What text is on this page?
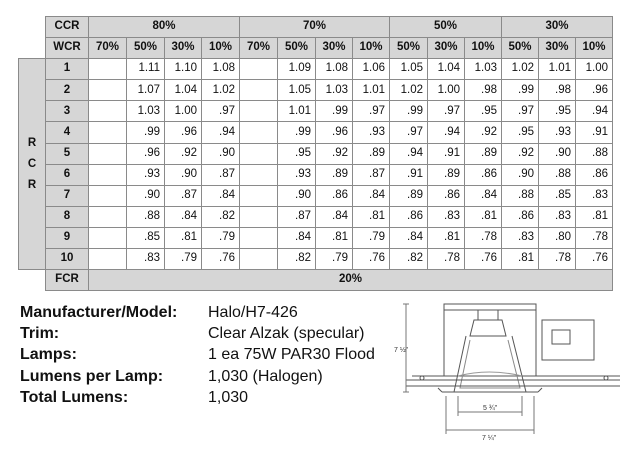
	CCR	80%				70%				50%			30%		
	WCR	70%	50%	30%	10%	70%	50%	30%	10%	50%	30%	10%	50%	30%	10%

R
C
R	1		1.11	1.10	1.08		1.09	1.08	1.06	1.05	1.04	1.03	1.02	1.01	1.00
	2		1.07	1.04	1.02		1.05	1.03	1.01	1.02	1.00	.98	.99	.98	.96
	3		1.03	1.00	.97		1.01	.99	.97	.99	.97	.95	.97	.95	.94
	4		.99	.96	.94		.99	.96	.93	.97	.94	.92	.95	.93	.91
	5		.96	.92	.90		.95	.92	.89	.94	.91	.89	.92	.90	.88
	6		.93	.90	.87		.93	.89	.87	.91	.89	.86	.90	.88	.86
	7		.90	.87	.84		.90	.86	.84	.89	.86	.84	.88	.85	.83
	8		.88	.84	.82		.87	.84	.81	.86	.83	.81	.86	.83	.81
	9		.85	.81	.79		.84	.81	.79	.84	.81	.78	.83	.80	.78
	10		.83	.79	.76		.82	.79	.76	.82	.78	.76	.81	.78	.76
	FCR	20%													
Manufacturer/Model:	Halo/H7-426
Trim:	Clear Alzak (specular)
Lamps:	1 ea 75W PAR30 Flood
Lumens per Lamp:	1,030 (Halogen)
Total Lumens:	1,030
7 ½"
5 ¾"
7 ¼"
